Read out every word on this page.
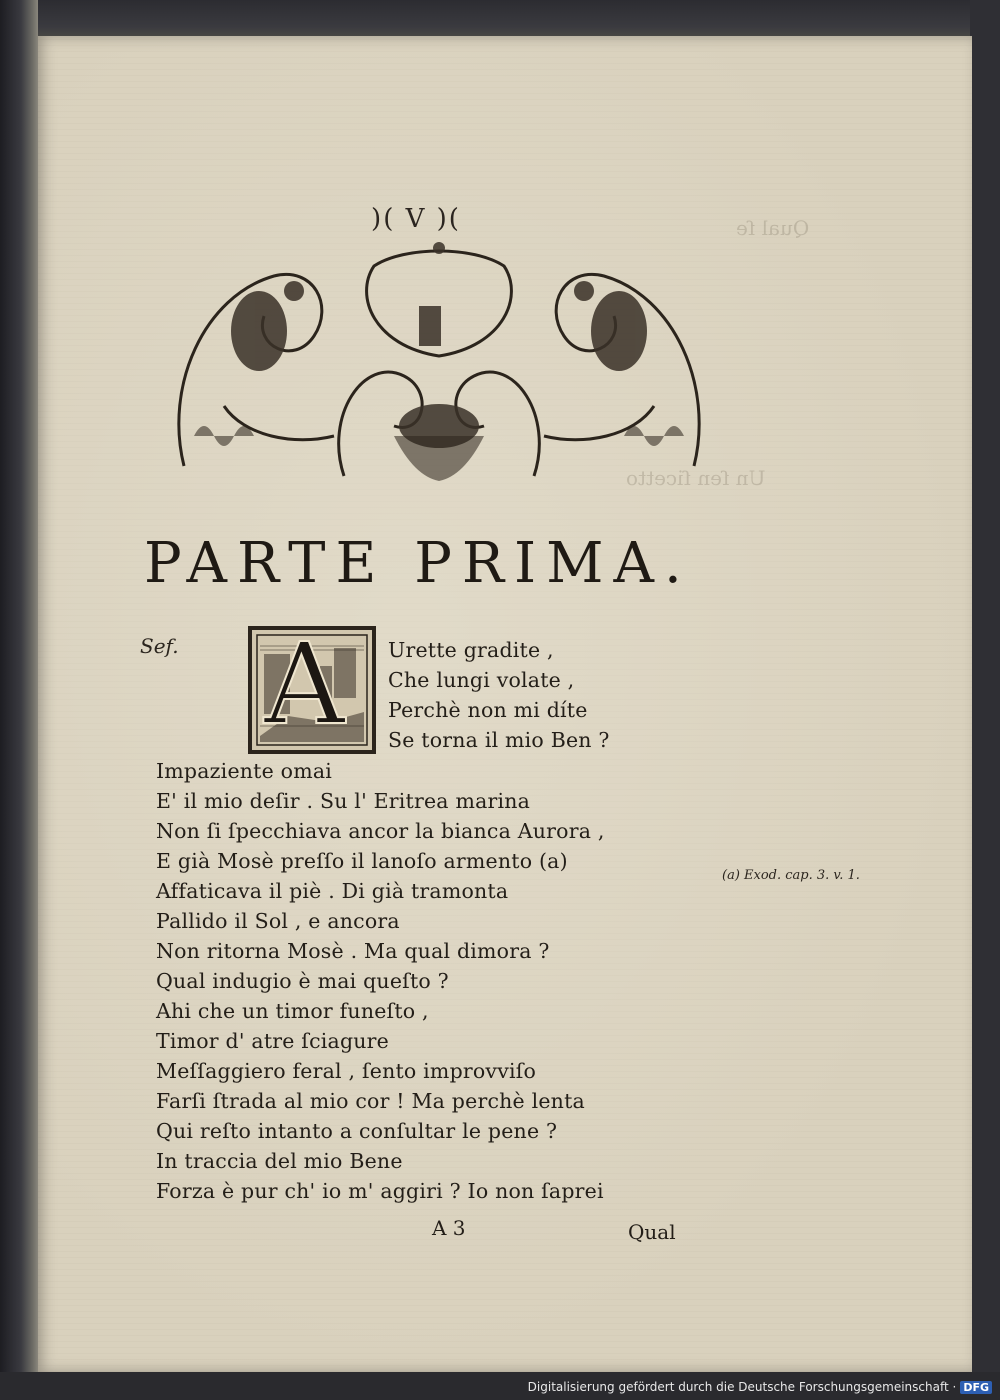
Qual ſe
Un ſen ſicetto
)( V )(
PARTE PRIMA.
Sef. A Urette gradite ,
Che lungi volate ,
Perchè non mi díte
Se torna il mio Ben ?
Impaziente omai
E' il mio deſir . Su l' Eritrea marina
Non ſi ſpecchiava ancor la bianca Aurora ,
E già Mosè preſſo il lanoſo armento (a)
Affaticava il piè . Di già tramonta
Pallido il Sol , e ancora
Non ritorna Mosè . Ma qual dimora ?
Qual indugio è mai queſto ?
Ahi che un timor funeſto ,
Timor d' atre ſciagure
Meſſaggiero feral , ſento improvviſo
Farſi ſtrada al mio cor ! Ma perchè lenta
Qui reſto intanto a conſultar le pene ?
In traccia del mio Bene
Forza è pur ch' io m' aggiri ? Io non ſaprei
(a) Exod. cap. 3. v. 1.
A 3	Qual
Digitalisierung gefördert durch die Deutsche Forschungsgemeinschaft · DFG
